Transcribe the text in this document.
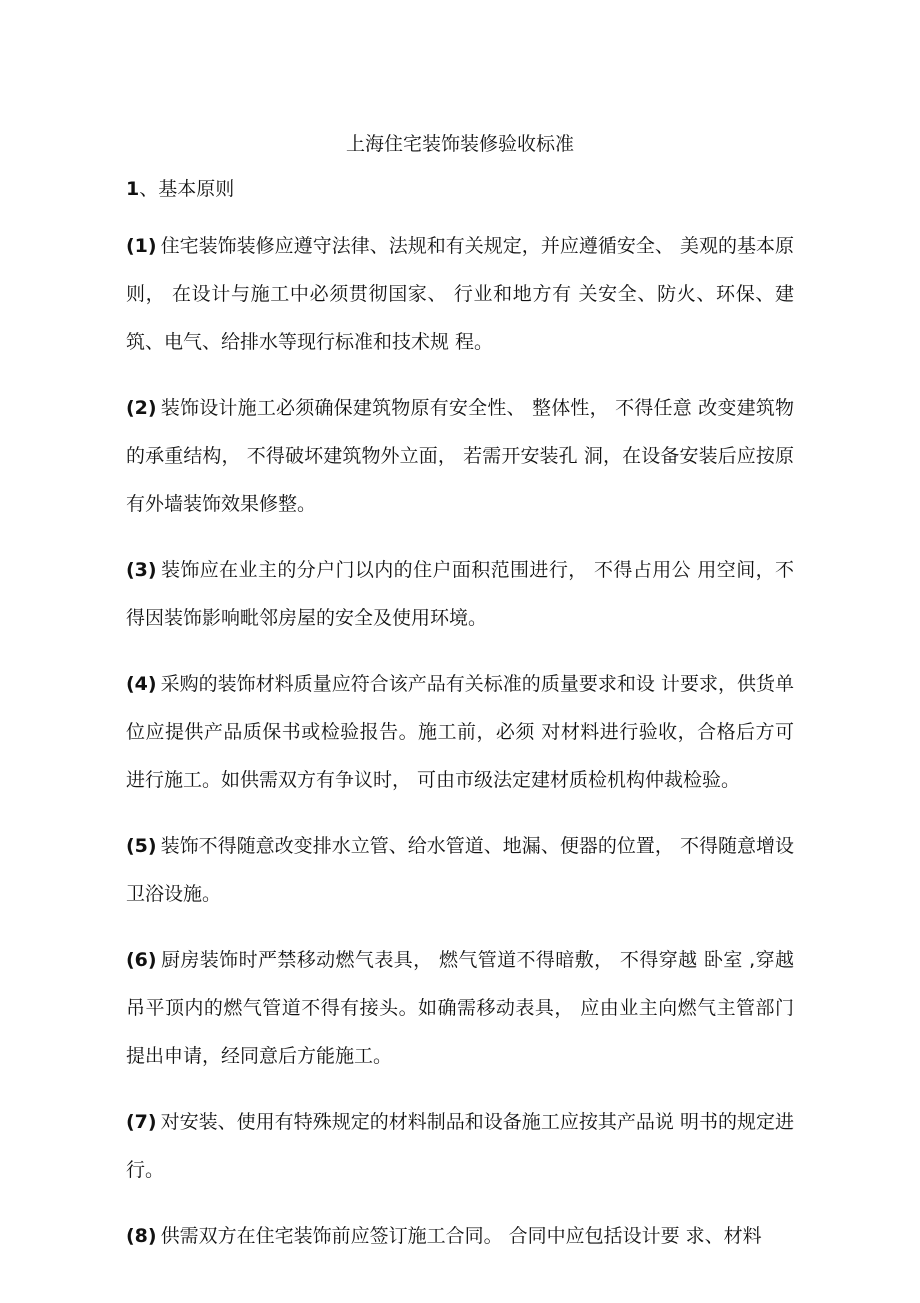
上海住宅装饰装修验收标准
1、基本原则

(1) 住宅装饰装修应遵守法律、法规和有关规定，并应遵循安全、 美观的基本原则， 在设计与施工中必须贯彻国家、 行业和地方有 关安全、防火、环保、建筑、电气、给排水等现行标准和技术规 程。

(2) 装饰设计施工必须确保建筑物原有安全性、 整体性， 不得任意 改变建筑物的承重结构， 不得破坏建筑物外立面， 若需开安装孔 洞，在设备安装后应按原有外墙装饰效果修整。

(3) 装饰应在业主的分户门以内的住户面积范围进行， 不得占用公 用空间，不得因装饰影响毗邻房屋的安全及使用环境。

(4) 采购的装饰材料质量应符合该产品有关标准的质量要求和设 计要求，供货单位应提供产品质保书或检验报告。施工前，必须 对材料进行验收，合格后方可进行施工。如供需双方有争议时， 可由市级法定建材质检机构仲裁检验。

(5) 装饰不得随意改变排水立管、给水管道、地漏、便器的位置， 不得随意增设卫浴设施。

(6) 厨房装饰时严禁移动燃气表具， 燃气管道不得暗敷， 不得穿越 卧室 ,穿越吊平顶内的燃气管道不得有接头。如确需移动表具， 应由业主向燃气主管部门提出申请，经同意后方能施工。

(7) 对安装、使用有特殊规定的材料制品和设备施工应按其产品说 明书的规定进行。

(8) 供需双方在住宅装饰前应签订施工合同。 合同中应包括设计要 求、材料
